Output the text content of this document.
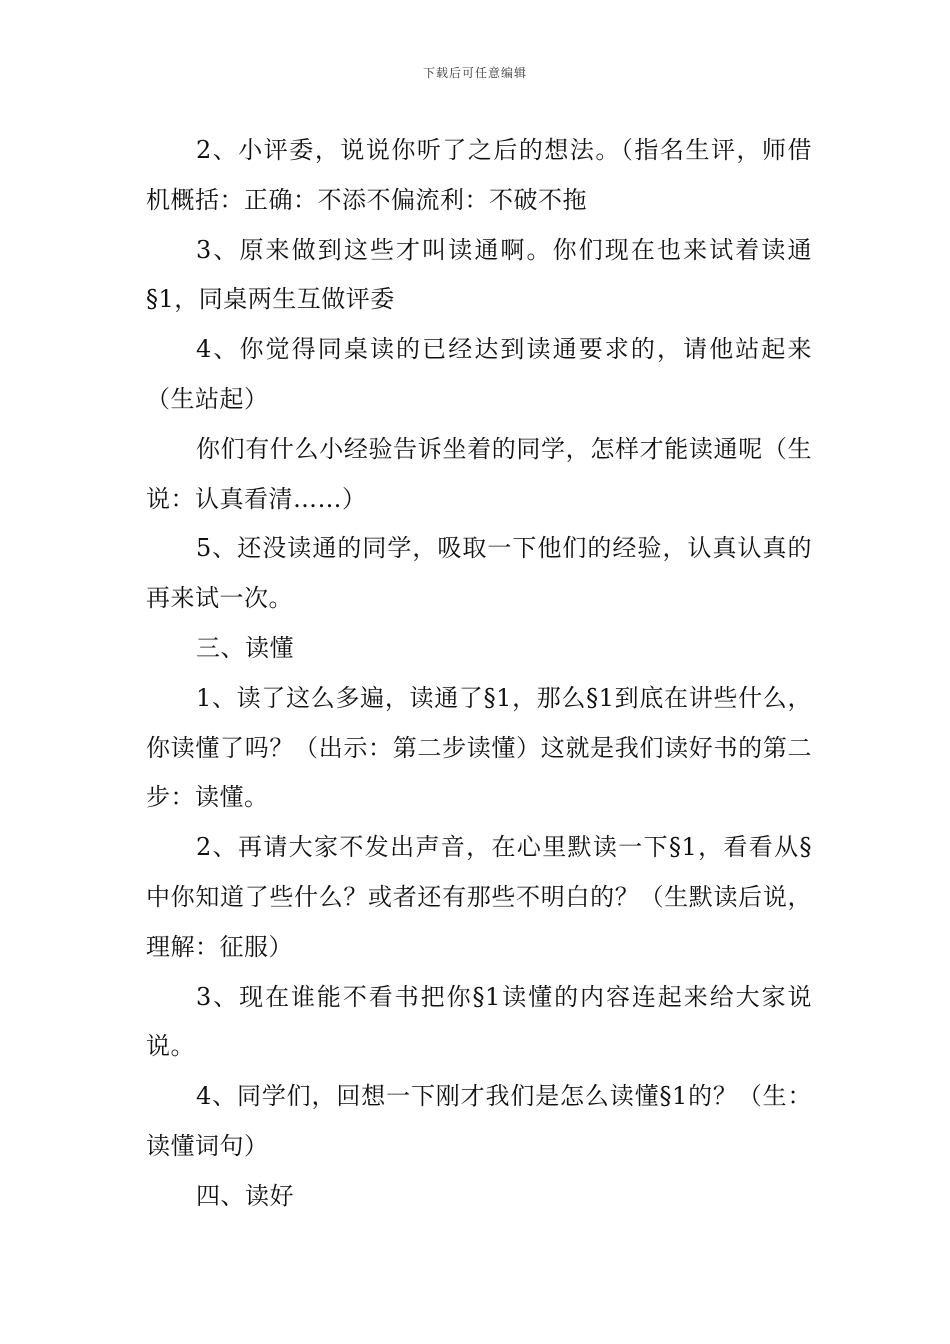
下载后可任意编辑

2、小评委，说说你听了之后的想法。（指名生评，师借机概括：正确：不添不偏流利：不破不拖

3、原来做到这些才叫读通啊。你们现在也来试着读通§1，同桌两生互做评委

4、你觉得同桌读的已经达到读通要求的，请他站起来（生站起）

你们有什么小经验告诉坐着的同学，怎样才能读通呢（生说：认真看清……）

5、还没读通的同学，吸取一下他们的经验，认真认真的再来试一次。

三、读懂

1、读了这么多遍，读通了§1，那么§1到底在讲些什么，你读懂了吗？（出示：第二步读懂）这就是我们读好书的第二步：读懂。

2、再请大家不发出声音，在心里默读一下§1，看看从§中你知道了些什么？或者还有那些不明白的？（生默读后说，理解：征服）

3、现在谁能不看书把你§1读懂的内容连起来给大家说说。

4、同学们，回想一下刚才我们是怎么读懂§1的？（生：读懂词句）

四、读好
